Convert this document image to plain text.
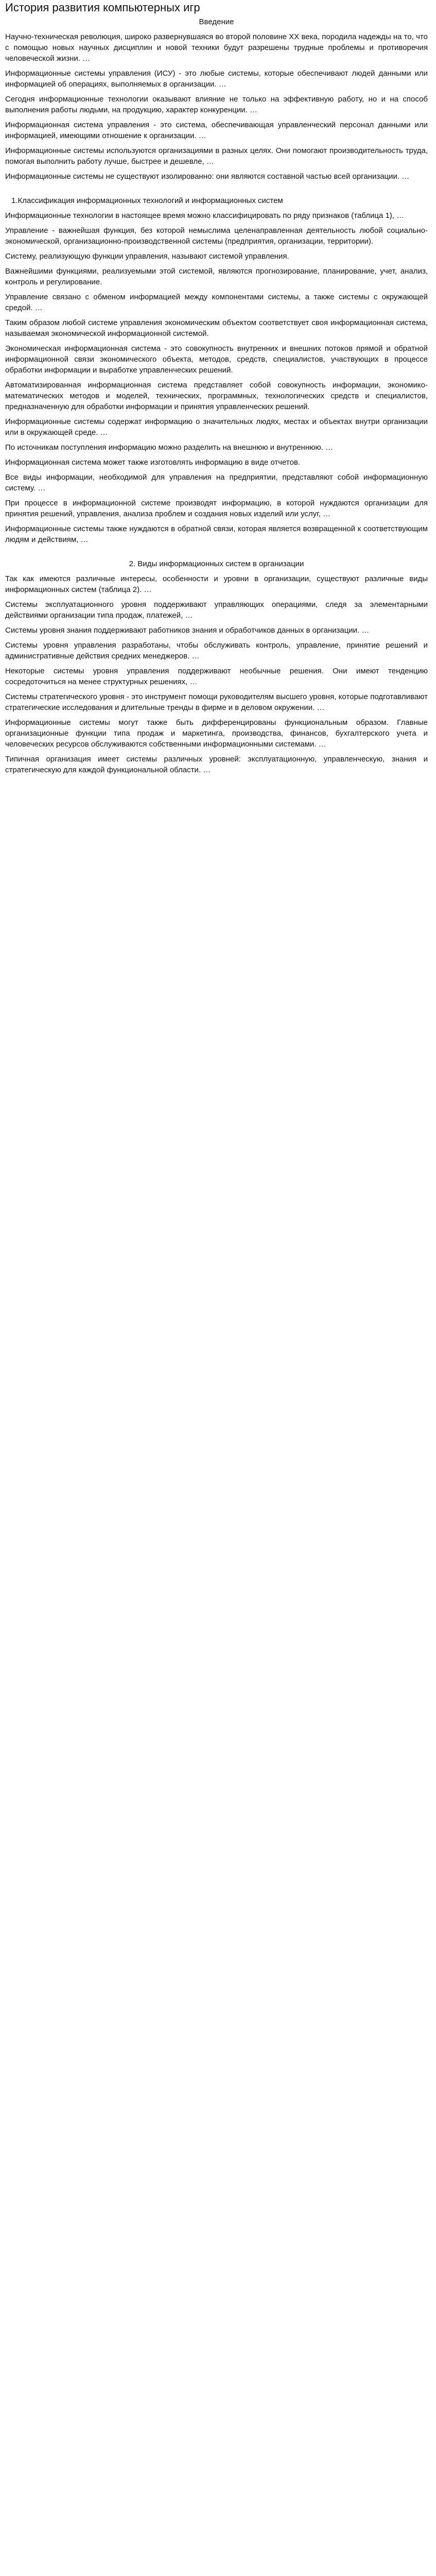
История развития компьютерных игр
Введение

Научно-техническая революция, широко развернувшаяся во второй половине ХХ века, породила надежды на то, что с помощью новых научных дисциплин и новой техники будут разрешены трудные проблемы и противоречия человеческой жизни. …

Информационные системы управления (ИСУ) - это любые системы, которые обеспечивают людей данными или информацией об операциях, выполняемых в организации. …

Сегодня информационные технологии оказывают влияние не только на эффективную работу, но и на способ выполнения работы людьми, на продукцию, характер конкуренции. …

Информационная система управления - это система, обеспечивающая управленческий персонал данными или информацией, имеющими отношение к организации. …

Информационные системы используются организациями в разных целях. Они помогают производительность труда, помогая выполнить работу лучше, быстрее и дешевле, …

Информационные системы не существуют изолированно: они являются составной частью всей организации. …

1.Классификация информационных технологий и информационных систем

Информационные технологии в настоящее время можно классифицировать по ряду признаков (таблица 1), …

Управление - важнейшая функция, без которой немыслима целенаправленная деятельность любой социально-экономической, организационно-производственной системы (предприятия, организации, территории).

Систему, реализующую функции управления, называют системой управления.

Важнейшими функциями, реализуемыми этой системой, являются прогнозирование, планирование, учет, анализ, контроль и регулирование.

Управление связано с обменом информацией между компонентами системы, а также системы с окружающей средой. …

Таким образом любой системе управления экономическим объектом соответствует своя информационная система, называемая экономической информационной системой.

Экономическая информационная система - это совокупность внутренних и внешних потоков прямой и обратной информационной связи экономического объекта, методов, средств, специалистов, участвующих в процессе обработки информации и выработке управленческих решений.

Автоматизированная информационная система представляет собой совокупность информации, экономико-математических методов и моделей, технических, программных, технологических средств и специалистов, предназначенную для обработки информации и принятия управленческих решений.

Информационные системы содержат информацию о значительных людях, местах и объектах внутри организации или в окружающей среде. …

По источникам поступления информацию можно разделить на внешнюю и внутреннюю. …

Информационная система может также изготовлять информацию в виде отчетов.

Все виды информации, необходимой для управления на предприятии, представляют собой информационную систему. …

При процессе в информационной системе производят информацию, в которой нуждаются организации для принятия решений, управления, анализа проблем и создания новых изделий или услуг, …

Информационные системы также нуждаются в обратной связи, которая является возвращенной к соответствующим людям и действиям, …

2. Виды информационных систем в организации

Так как имеются различные интересы, особенности и уровни в организации, существуют различные виды информационных систем (таблица 2). …

Системы эксплуатационного уровня поддерживают управляющих операциями, следя за элементарными действиями организации типа продаж, платежей, …

Системы уровня знания поддерживают работников знания и обработчиков данных в организации. …

Системы уровня управления разработаны, чтобы обслуживать контроль, управление, принятие решений и административные действия средних менеджеров. …

Некоторые системы уровня управления поддерживают необычные решения. Они имеют тенденцию сосредоточиться на менее структурных решениях, …

Системы стратегического уровня - это инструмент помощи руководителям высшего уровня, которые подготавливают стратегические исследования и длительные тренды в фирме и в деловом окружении. …

Информационные системы могут также быть дифференцированы функциональным образом. Главные организационные функции типа продаж и маркетинга, производства, финансов, бухгалтерского учета и человеческих ресурсов обслуживаются собственными информационными системами. …

Типичная организация имеет системы различных уровней: эксплуатационную, управленческую, знания и стратегическую для каждой функциональной области. …
